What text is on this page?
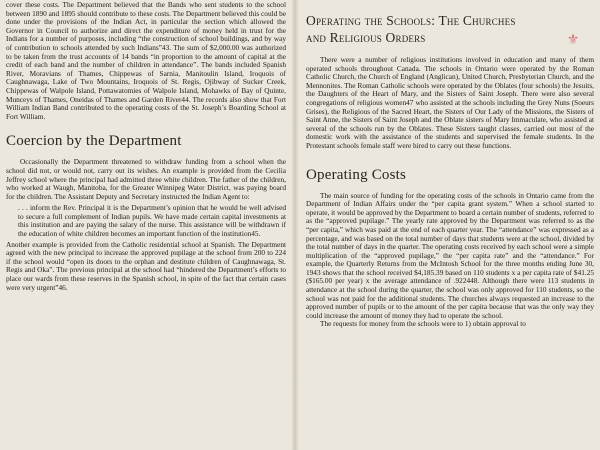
cover these costs. The Department believed that the Bands who sent students to the school between 1890 and 1895 should contribute to these costs. The Department believed this could be done under the provisions of the Indian Act, in particular the section which allowed the Governor in Council to authorize and direct the expenditure of money held in trust for the Indians for a number of purposes, including “the construction of school buildings, and by way of contribution to schools attended by such Indians”43. The sum of $2,000.00 was authorized to be taken from the trust accounts of 14 bands “in proportion to the amount of capital at the credit of each band and the number of children in attendance”. The bands included Spanish River, Moravians of Thames, Chippewas of Sarnia, Manitoulin Island, Iroquois of Caughnawaga, Lake of Two Mountains, Iroquois of St. Regis, Ojibway of Sucker Creek, Chippewas of Walpole Island, Pottawatomies of Walpole Island, Mohawks of Bay of Quinte, Munceys of Thames, Oneidas of Thames and Garden River44. The records also show that Fort William Indian Band contributed to the operating costs of the St. Joseph’s Boarding School at Fort William.

Coercion by the Department

Occasionally the Department threatened to withdraw funding from a school when the school did not, or would not, carry out its wishes. An example is provided from the Cecilia Jeffrey school where the principal had admitted three white children. The father of the children, who worked at Waugh, Manitoba, for the Greater Winnipeg Water District, was paying board for the children. The Assistant Deputy and Secretary instructed the Indian Agent to:

. . . inform the Rev. Principal it is the Department’s opinion that he would be well advised to secure a full complement of Indian pupils. We have made certain capital investments at this institution and are paying the salary of the nurse. This assistance will be withdrawn if the education of white children becomes an important function of the institution45.

Another example is provided from the Catholic residential school at Spanish. The Department agreed with the new principal to increase the approved pupilage at the school from 200 to 224 if the school would “open its doors to the orphan and destitute children of Caughnawaga, St. Regis and Oka”. The previous principal at the school had “hindered the Department’s efforts to place our wards from these reserves in the Spanish school, in spite of the fact that certain cases were very urgent”46.

Operating the Schools: The Churches
and Religious Orders

There were a number of religious institutions involved in education and many of them operated schools throughout Canada. The schools in Ontario were operated by the Roman Catholic Church, the Church of England (Anglican), United Church, Presbyterian Church, and the Mennonites. The Roman Catholic schools were operated by the Oblates (four schools) the Jesuits, the Daughters of the Heart of Mary, and the Sisters of Saint Joseph. There were also several congregations of religious women47 who assisted at the schools including the Grey Nuns (Soeurs Grises), the Religious of the Sacred Heart, the Sisters of Our Lady of the Missions, the Sisters of Saint Anne, the Sisters of Saint Joseph and the Oblate sisters of Mary Immaculate, who assisted at several of the schools run by the Oblates. These Sisters taught classes, carried out most of the domestic work with the assistance of the students and supervised the female students. In the Protestant schools female staff were hired to carry out these functions.

Operating Costs

The main source of funding for the operating costs of the schools in Ontario came from the Department of Indian Affairs under the “per capita grant system.” When a school started to operate, it would be approved by the Department to board a certain number of students, referred to as the “approved pupilage.” The yearly rate approved by the Department was referred to as the “per capita,” which was paid at the end of each quarter year. The “attendance” was expressed as a percentage, and was based on the total number of days that students were at the school, divided by the total number of days in the quarter. The operating costs received by each school were a simple multiplication of the “approved pupilage,” the “per capita rate” and the “attendance.” For example, the Quarterly Returns from the McIntosh School for the three months ending June 30, 1943 shows that the school received $4,185.39 based on 110 students x a per capita rate of $41.25 ($165.00 per year) x the average attendance of .922448. Although there were 113 students in attendance at the school during the quarter, the school was only approved for 110 students, so the school was not paid for the additional students. The churches always requested an increase to the approved number of pupils or to the amount of the per capita because that was the only way they could increase the amount of money they had to operate the school.

The requests for money from the schools were to 1) obtain approval to

⚜
